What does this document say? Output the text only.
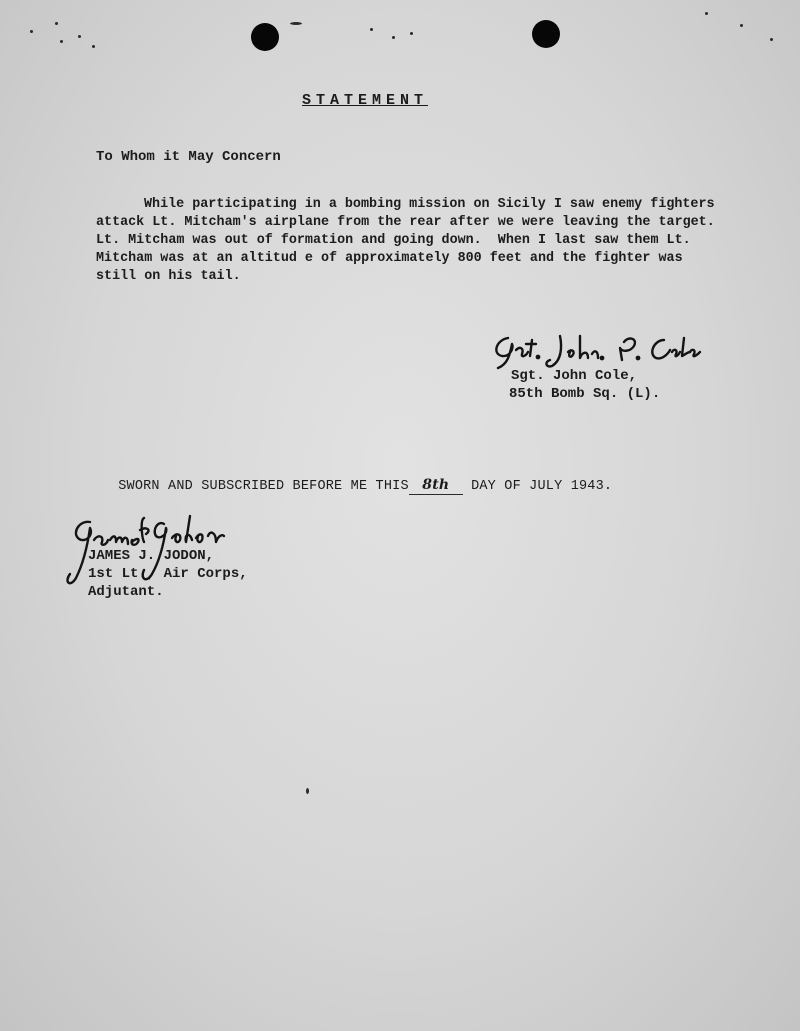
STATEMENT
To Whom it May Concern

While participating in a bombing mission on Sicily I saw enemy fighters

attack Lt. Mitcham's airplane from the rear after we were leaving the target.

Lt. Mitcham was out of formation and going down.  When I last saw them Lt.

Mitcham was at an altitud e of approximately 800 feet and the fighter was

still on his tail.

Sgt. John Cole,
85th Bomb Sq. (L).

SWORN AND SUBSCRIBED BEFORE ME THIS 8th DAY OF JULY 1943.

JAMES J. JODON,
1st Lt., Air Corps,
Adjutant.
